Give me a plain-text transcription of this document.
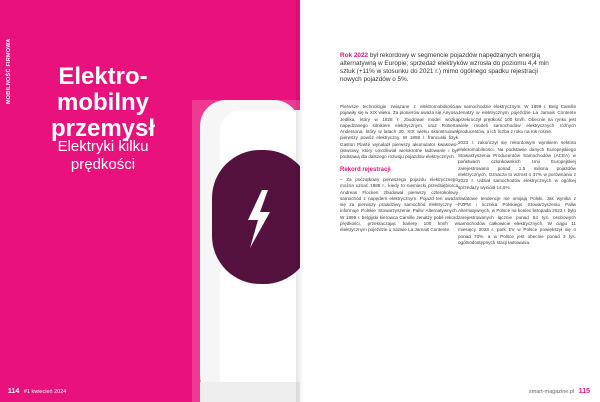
MOBILNOŚĆ FIRMOWA	Elektro-mobilny przemysł
Elektryki kilku prędkości
114 #1 kwiecień 2024

Rok 2022 był rekordowy w segmencie pojazdów napędzanych energią alternatywną w Europie; sprzedaż elektryków wzrosła do poziomu 4,4 mln sztuk (+11% w stosunku do 2021 r.) mimo ogólnego spadku rejestracji nowych pojazdów o 5%.

Pierwsze technologie związane z elektromobilnością pojawiły się w XIX wieku. Za pionierów uważa się Ányosa Jedlika, który w 1828 r. zbudował model wózka napędzanego silnikiem elektrycznym, oraz Roberta Andersona, który w latach 30. XIX wieku skonstruował pierwszy powóz elektryczny. W 1859 r. francuski fizyk Gaston Planté wynalazł pierwszy akumulator kwasowo-ołowiowy, który umożliwiał wielokrotne ładowanie i był podstawą dla dalszego rozwoju pojazdów elektrycznych.

Rekord rejestracji

– Za początkowy pierwszego pojazdu elektrycznego można uznać 1888 r., kiedy to niemiecki przedsiębiorca Andreas Flocken zbudował pierwszy czterokołowy samochód z napędem elektrycznym. Pojazd ten uważa się za pierwszy prawdziwy samochód elektryczny – informuje Polskie Stowarzyszenie Paliw Alternatywnych. W 1899 r. belgijski kierowca Camille Jenatzy pobił rekord prędkości, przekraczając barierę 100 km/h w elektrycznym pojeździe o nazwie La Jamais Contente.

w samochodzie elektrycznym. W 1899 r. Belg Camille Jenatzy w elektrycznym pojeździe La Jamais Contente przekroczył prędkość 100 km/h. Obecnie na rynku jest wiele modeli samochodów elektrycznych różnych producentów, a ich liczba z roku na rok rośnie.

2023 r. zakończył się rekordowym wynikiem sektora elektromobilności. Na podstawie danych Europejskiego Stowarzyszenia Producentów Samochodów (ACEA) w państwach członkowskich Unii Europejskiej zarejestrowano ponad 1,5 miliona pojazdów elektrycznych. Oznacza to wzrost o 37% w porównaniu z 2022 r. Udział samochodów elektrycznych w ogólnej sprzedaży wyniósł 14,6%.

Światowe tendencje nie omijają Polski. Jak wynika z PZPM i licznika Polskiego Stowarzyszenia Paliw Alternatywnych, w Polsce na koniec listopada 2023 r. było zarejestrowanych łącznie ponad 54 tys. osobowych samochodów całkowicie elektrycznych. W ciągu 11 miesięcy 2023 r. park EV w Polsce powiększył się o ponad 70%, a w Polsce jest obecnie ponad 3 tys. ogólnodostępnych stacji ładowania.

smart-magazine.pl 115
